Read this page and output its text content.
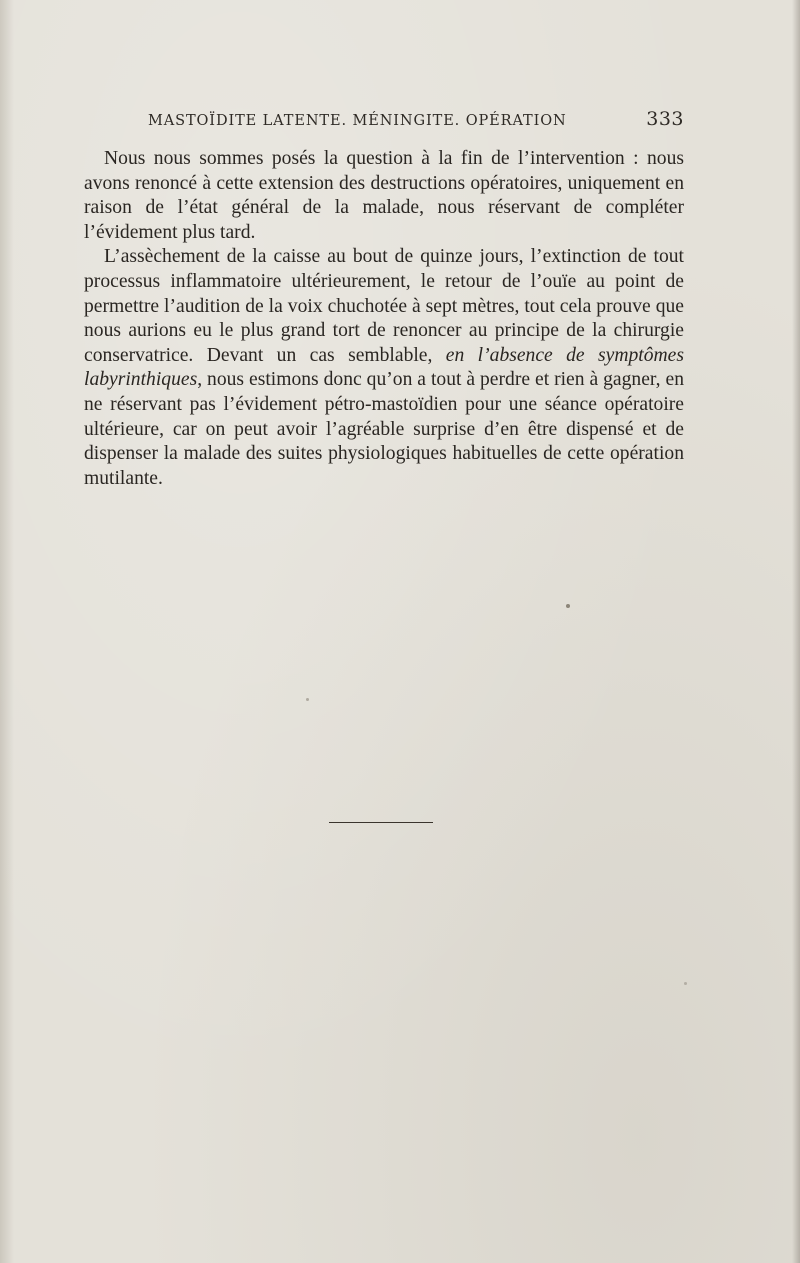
MASTOÏDITE LATENTE. MÉNINGITE. OPÉRATION	333

Nous nous sommes posés la question à la fin de l’intervention : nous avons renoncé à cette extension des destructions opératoires, uniquement en raison de l’état général de la malade, nous réservant de compléter l’évidement plus tard.

L’assèchement de la caisse au bout de quinze jours, l’extinction de tout processus inflammatoire ultérieurement, le retour de l’ouïe au point de permettre l’audition de la voix chuchotée à sept mètres, tout cela prouve que nous aurions eu le plus grand tort de renoncer au principe de la chirurgie conservatrice. Devant un cas semblable, en l’absence de symptômes labyrinthiques, nous estimons donc qu’on a tout à perdre et rien à gagner, en ne réservant pas l’évidement pétro-mastoïdien pour une séance opératoire ultérieure, car on peut avoir l’agréable surprise d’en être dispensé et de dispenser la malade des suites physiologiques habituelles de cette opération mutilante.
